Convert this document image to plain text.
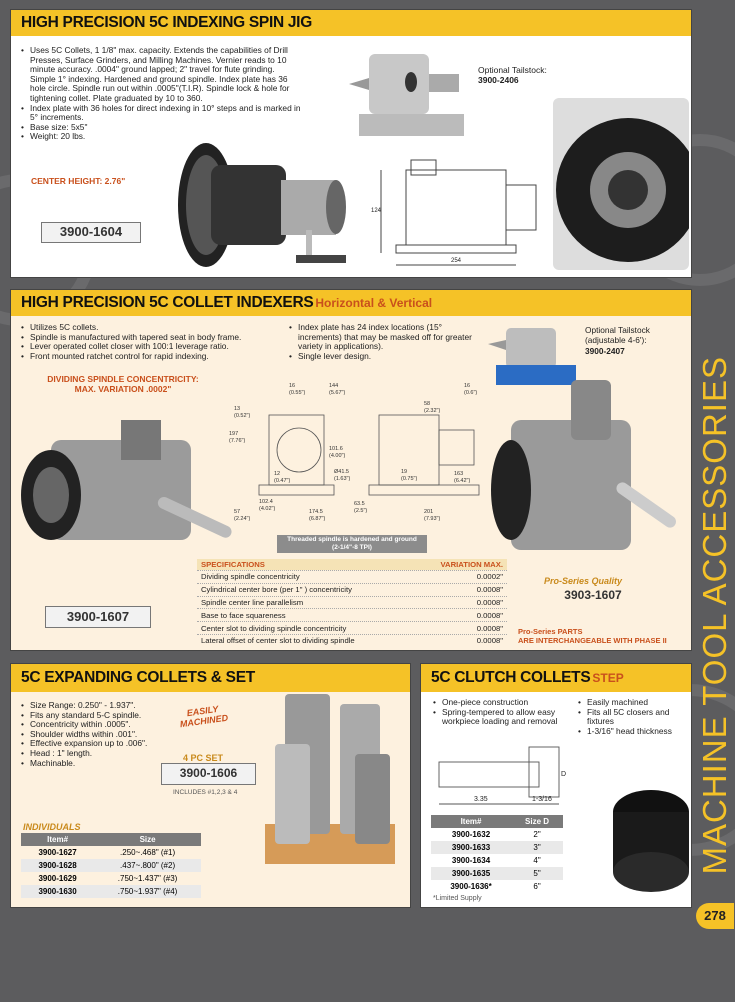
HIGH PRECISION 5C INDEXING SPIN JIG
• Uses 5C Collets, 1 1/8" max. capacity. Extends the capabilities of Drill Presses, Surface Grinders, and Milling Machines. Vernier reads to 10 minute accuracy. .0004" ground lapped; 2" travel for flute grinding. Simple 1° indexing. Hardened and ground spindle. Index plate has 36 hole circle. Spindle run out within .0005"(T.I.R). Spindle lock & hole for tightening collet. Plate graduated by 10 to 360.
• Index plate with 36 holes for direct indexing in 10° steps and is marked in 5° increments.
• Base size: 5x5"
• Weight: 20 lbs.
CENTER HEIGHT: 2.76"
3900-1604
Optional Tailstock:
3900-2406
124
254
HIGH PRECISION 5C COLLET INDEXERS Horizontal & Vertical
• Utilizes 5C collets.
• Spindle is manufactured with tapered seat in body frame.
• Lever operated collet closer with 100:1 leverage ratio.
• Front mounted ratchet control for rapid indexing.
• Index plate has 24 index locations (15° increments) that may be masked off for greater variety in applications).
• Single lever design.
DIVIDING SPINDLE CONCENTRICITY:
MAX. VARIATION .0002"
3900-1607
16
(0.55")
144
(5.67")
13
(0.52")
197
(7.76")
101.6
(4.00")
12
(0.47")
102.4
(4.02")	174.5
(6.87")
57
(2.24")
Ø41.5
(1.63")
16
(0.6")
58
(2.32")
19
(0.75")
163
(6.42")
63.5
(2.5")	201
(7.93")
Threaded spindle is hardened and ground
(2-1/4"-8 TPI)
SPECIFICATIONS	VARIATION MAX.
Dividing spindle concentricity	0.0002"
Cylindrical center bore (per 1" ) concentricity	0.0008"
Spindle center line parallelism	0.0008"
Base to face squareness	0.0008"
Center slot to dividing spindle concentricity	0.0008"
Lateral offset of center slot to dividing spindle	0.0008"
Optional Tailstock
(adjustable 4-6'):
3900-2407
Pro-Series Quality
3903-1607
Pro-Series PARTS
ARE INTERCHANGEABLE WITH PHASE II
5C EXPANDING COLLETS & SET
• Size Range: 0.250" - 1.937".
• Fits any standard 5-C spindle.
• Concentricity within .0005".
• Shoulder widths within .001".
• Effective expansion up to .006".
• Head : 1" length.
• Machinable.
EASILY
MACHINED
4 PC SET
3900-1606
INCLUDES #1,2,3 & 4
INDIVIDUALS
Item#	Size
3900-1627	.250~.468" (#1)
3900-1628	.437~.800" (#2)
3900-1629	.750~1.437" (#3)
3900-1630	.750~1.937" (#4)
5C CLUTCH COLLETS STEP
• One-piece construction
• Spring-tempered to allow easy workpiece loading and removal
• Easily machined
• Fits all 5C closers and fixtures
• 1-3/16" head thickness
3.35	1-3/16
D
Item#	Size D
3900-1632	2"
3900-1633	3"
3900-1634	4"
3900-1635	5"
3900-1636*	6"
*Limited Supply
MACHINE TOOL ACCESSORIES
278
